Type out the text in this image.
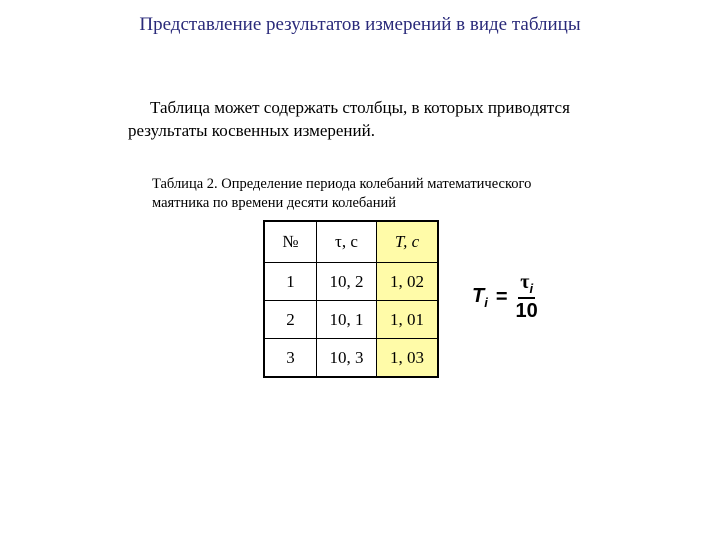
Представление результатов измерений в виде таблицы
Таблица может содержать столбцы, в которых приводятся
результаты косвенных измерений.
Таблица 2. Определение периода колебаний математического
маятника по времени десяти колебаний
№	τ, с	T, с
1	10, 2	1, 02
2	10, 1	1, 01
3	10, 3	1, 03
$T_i = \frac{\tau_i}{10}$
